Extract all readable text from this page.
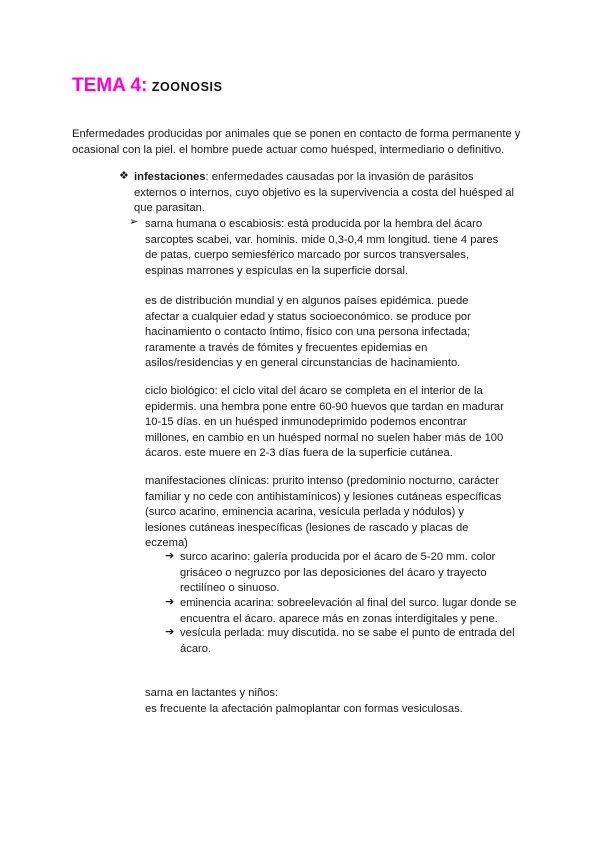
TEMA 4: ZOONOSIS

Enfermedades producidas por animales que se ponen en contacto de forma permanente y ocasional con la piel. el hombre puede actuar como huésped, intermediario o definitivo.

❖ infestaciones: enfermedades causadas por la invasión de parásitos externos o internos, cuyo objetivo es la supervivencia a costa del huésped al que parasitan.

➢ sarna humana o escabiosis: está producida por la hembra del ácaro sarcoptes scabei, var. hominis. mide 0,3-0,4 mm longitud. tiene 4 pares de patas, cuerpo semiesférico marcado por surcos transversales, espinas marrones y espículas en la superficie dorsal.

es de distribución mundial y en algunos países epidémica. puede afectar a cualquier edad y status socioeconómico. se produce por hacinamiento o contacto íntimo, físico con una persona infectada; raramente a través de fómites y frecuentes epidemias en asilos/residencias y en general circunstancias de hacinamiento.

ciclo biológico: el ciclo vital del ácaro se completa en el interior de la epidermis. una hembra pone entre 60-90 huevos que tardan en madurar 10-15 días. en un huésped inmunodeprimido podemos encontrar millones, en cambio en un huésped normal no suelen haber más de 100 ácaros. este muere en 2-3 días fuera de la superficie cutánea.

manifestaciones clínicas: prurito intenso (predominio nocturno, carácter familiar y no cede con antihistamínicos) y lesiones cutáneas específicas (surco acarino, eminencia acarina, vesícula perlada y nódulos) y lesiones cutáneas inespecíficas (lesiones de rascado y placas de eczema)

➔ surco acarino: galería producida por el ácaro de 5-20 mm. color grisáceo o negruzco por las deposiciones del ácaro y trayecto rectilíneo o sinuoso.

➔ eminencia acarina: sobreelevación al final del surco. lugar donde se encuentra el ácaro. aparece más en zonas interdigitales y pene.

➔ vesícula perlada: muy discutida. no se sabe el punto de entrada del ácaro.

sarna en lactantes y niños:
es frecuente la afectación palmoplantar con formas vesiculosas.
